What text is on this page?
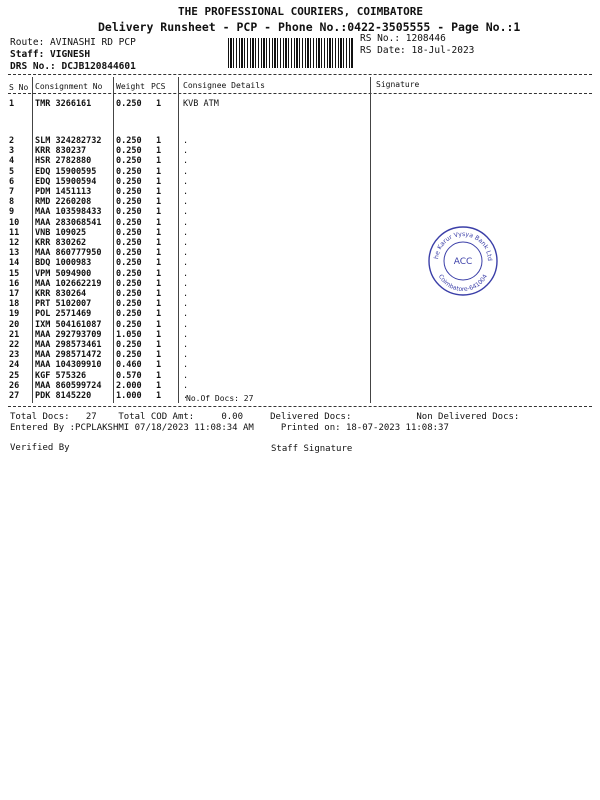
THE PROFESSIONAL COURIERS, COIMBATORE
Delivery Runsheet - PCP - Phone No.:0422-3505555 - Page No.:1
Route: AVINASHI RD PCP
Staff: VIGNESH
DRS No.: DCJB120844601
RS No.: 1208446
RS Date: 18-Jul-2023
S No Consignment No Weight PCS Consignee Details	Signature
1 TMR 3266161	0.250 1	KVB ATM
2 SLM 324282732 0.250 1	.
3 KRR 830237	0.250 1	.
4 HSR 2782880	0.250 1	.
5 EDQ 15900595 0.250 1	.
6 EDQ 15900594 0.250 1	.
7 PDM 1451113	0.250 1	.
8 RMD 2260208	0.250 1	.
9 MAA 103598433 0.250 1	.
10 MAA 283068541 0.250 1	.
11 VNB 109025	0.250 1	.
12 KRR 830262	0.250 1	.
13 MAA 860777950 0.250 1	.
14 BDQ 1000983	0.250 1	.
15 VPM 5094900	0.250 1	.
16 MAA 102662219 0.250 1	.
17 KRR 830264	0.250 1	.
18 PRT 5102007	0.250 1	.
19 POL 2571469	0.250 1	.
20 IXM 504161087 0.250 1	.
21 MAA 292793709 1.050 1	.
22 MAA 298573461 0.250 1	.
23 MAA 298571472 0.250 1	.
24 MAA 104309910 0.460 1	.
25 KGF 575326	0.570 1	.
26 MAA 860599724 2.000 1	.
27 PDK 8145220	1.000 1	.
No.Of Docs: 27
Total Docs:   27    Total COD Amt:     0.00     Delivered Docs:            Non Delivered Docs:
Entered By :PCPLAKSHMI 07/18/2023 11:08:34 AM     Printed on: 18-07-2023 11:08:37
Verified By	Staff Signature
he Karur Vysya Bank Ltd
Coimbatore-641004
ACC
